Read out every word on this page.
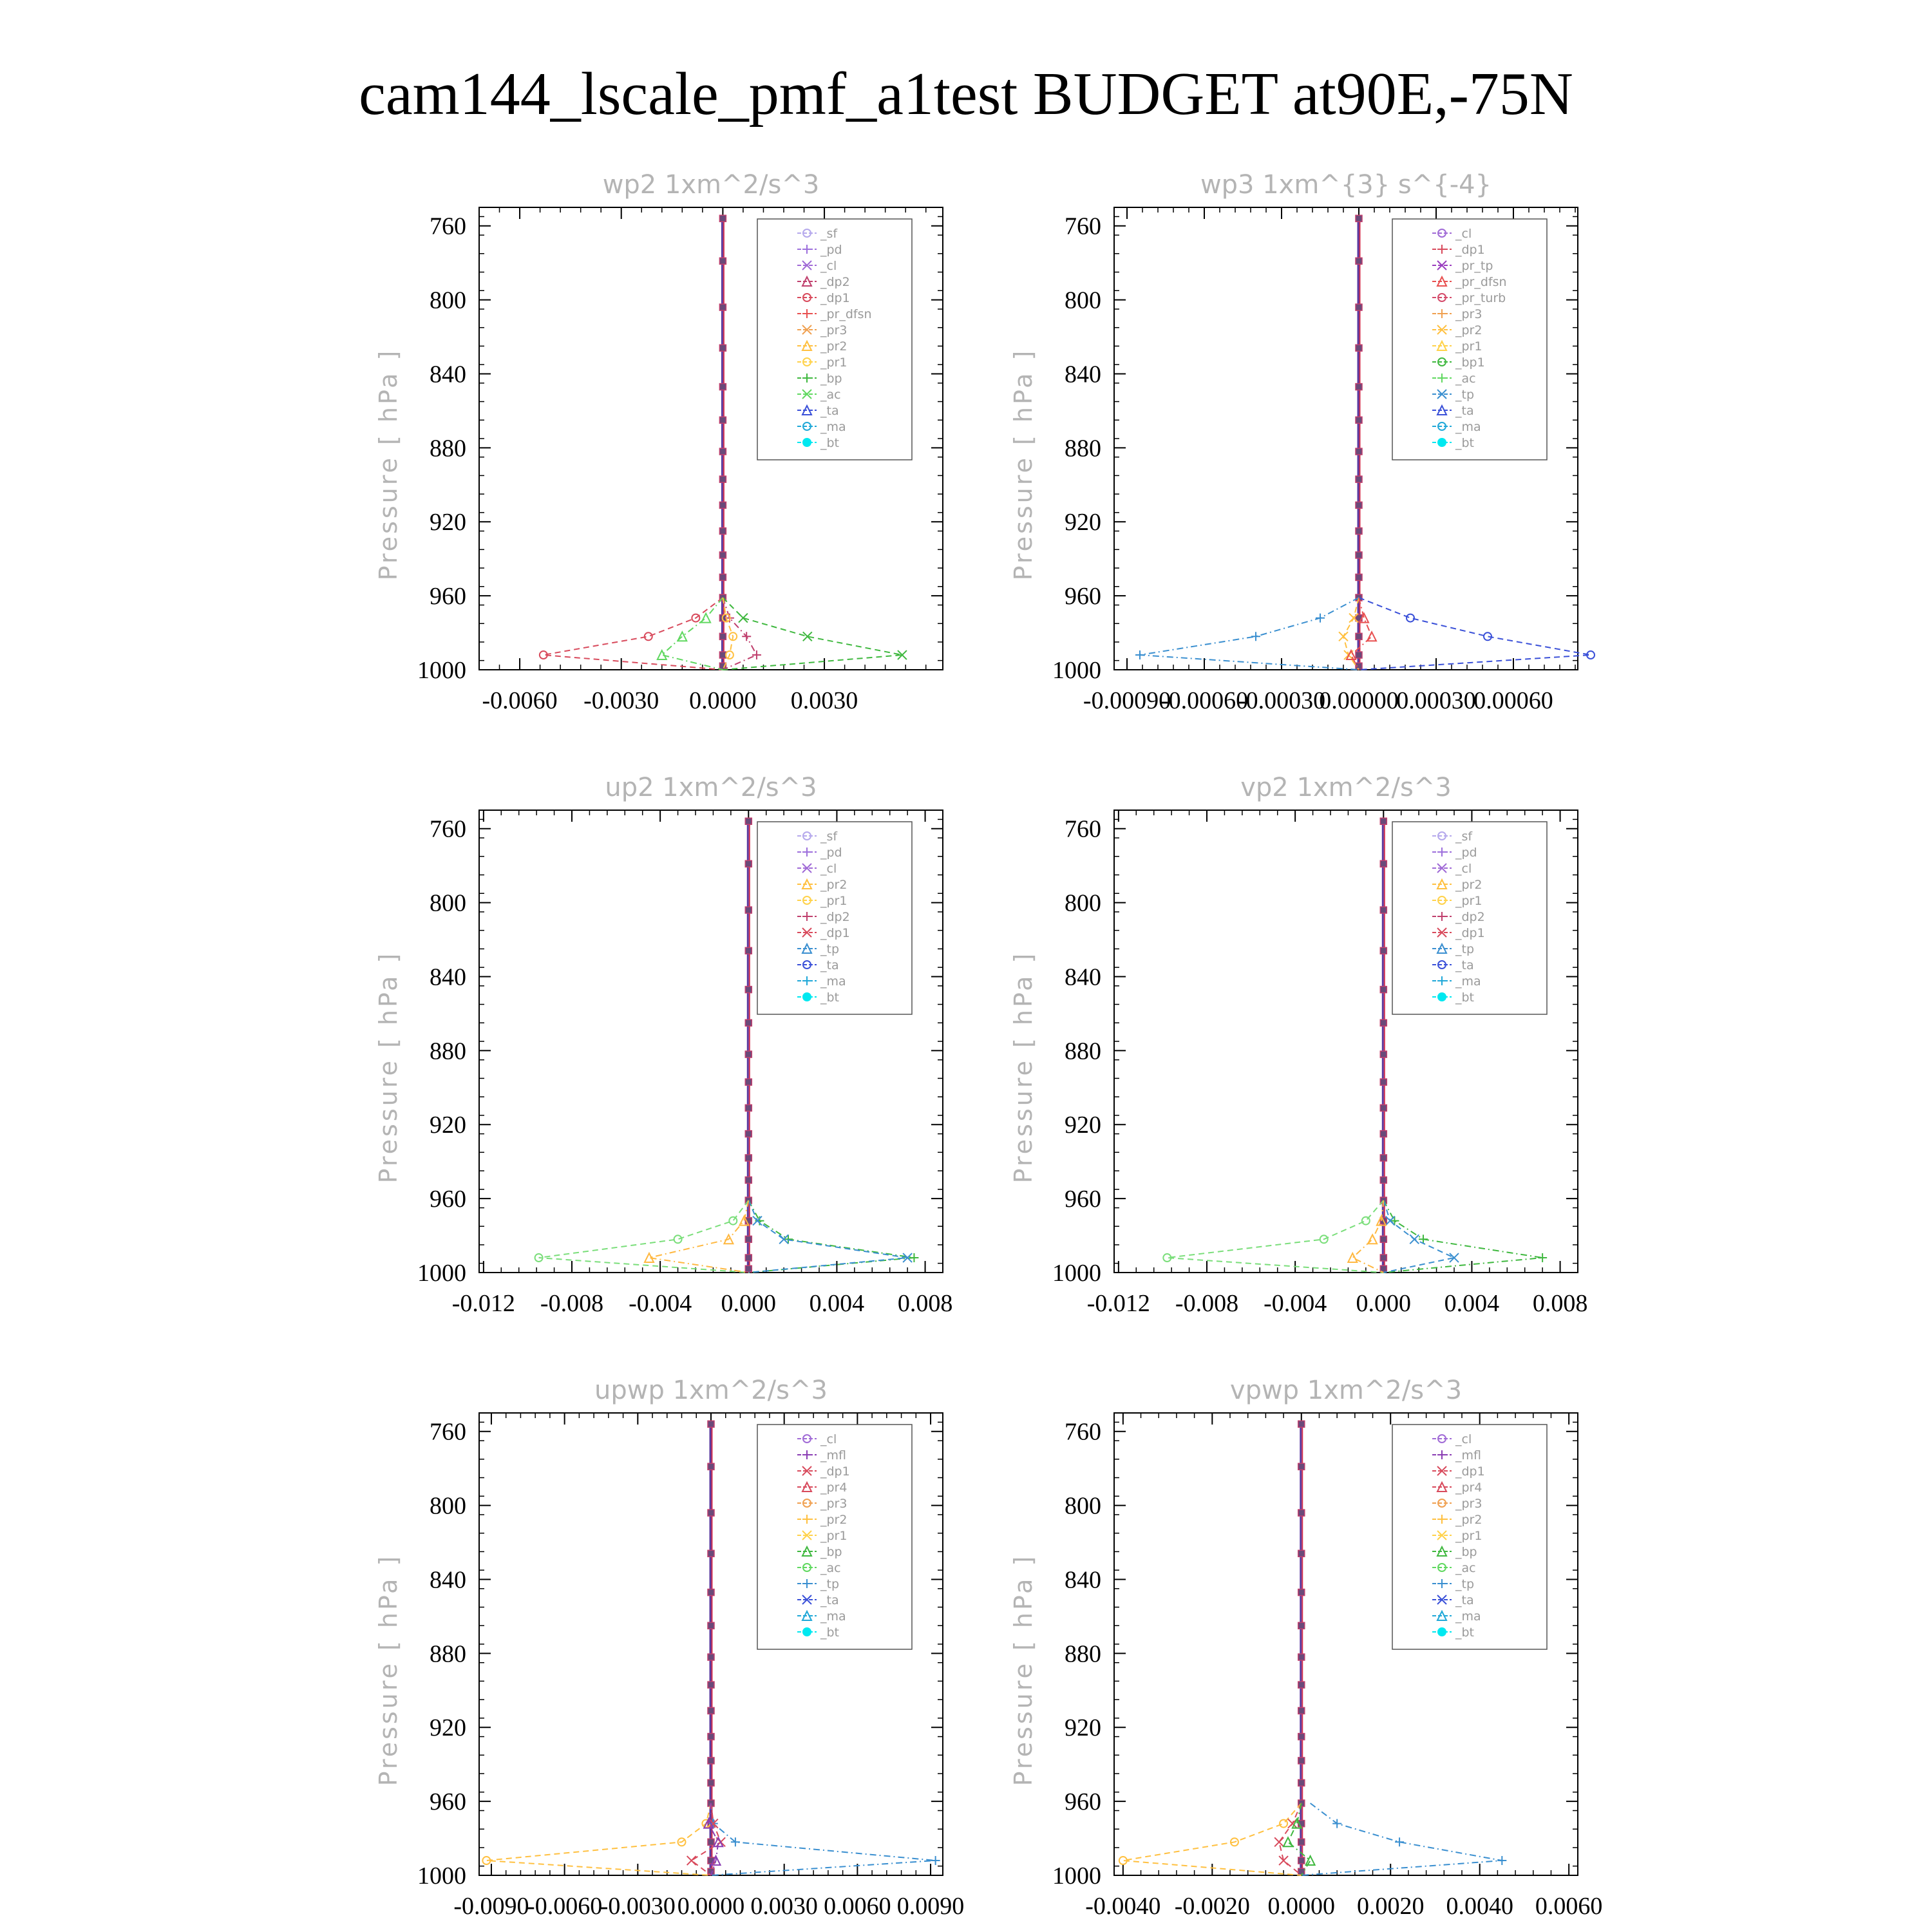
cam144_lscale_pmf_a1test BUDGET at90E,-75N
wp2 1xm^2/s^3
-0.0060 -0.0030 0.0000 0.0030
760
800
840
880
920
960
1000
Pressure [ hPa ]
_sf
_pd
_cl
_dp2
_dp1
_pr_dfsn
_pr3
_pr2
_pr1
_bp
_ac
_ta
_ma
_bt
wp3 1xm^{3} s^{-4}
-0.00090
-0.00060
-0.00030
0.00000
0.00030
0.00060
760
800
840
880
920
960
1000
Pressure [ hPa ]
_cl
_dp1
_pr_tp
_pr_dfsn
_pr_turb
_pr3
_pr2
_pr1
_bp1
_ac
_tp
_ta
_ma
_bt
up2 1xm^2/s^3
-0.012 -0.008 -0.004 0.000 0.004 0.008
760
800
840
880
920
960
1000
Pressure [ hPa ]
_sf
_pd
_cl
_pr2
_pr1
_dp2
_dp1
_tp
_ta
_ma
_bt
vp2 1xm^2/s^3
-0.012 -0.008 -0.004 0.000 0.004 0.008
760
800
840
880
920
960
1000
Pressure [ hPa ]
_sf
_pd
_cl
_pr2
_pr1
_dp2
_dp1
_tp
_ta
_ma
_bt
upwp 1xm^2/s^3
-0.0090
-0.0060
-0.0030 0.0000 0.0030 0.0060 0.0090
760
800
840
880
920
960
1000
Pressure [ hPa ]
_cl
_mfl
_dp1
_pr4
_pr3
_pr2
_pr1
_bp
_ac
_tp
_ta
_ma
_bt
vpwp 1xm^2/s^3
-0.0040 -0.0020 0.0000 0.0020 0.0040 0.0060
760
800
840
880
920
960
1000
Pressure [ hPa ]
_cl
_mfl
_dp1
_pr4
_pr3
_pr2
_pr1
_bp
_ac
_tp
_ta
_ma
_bt
